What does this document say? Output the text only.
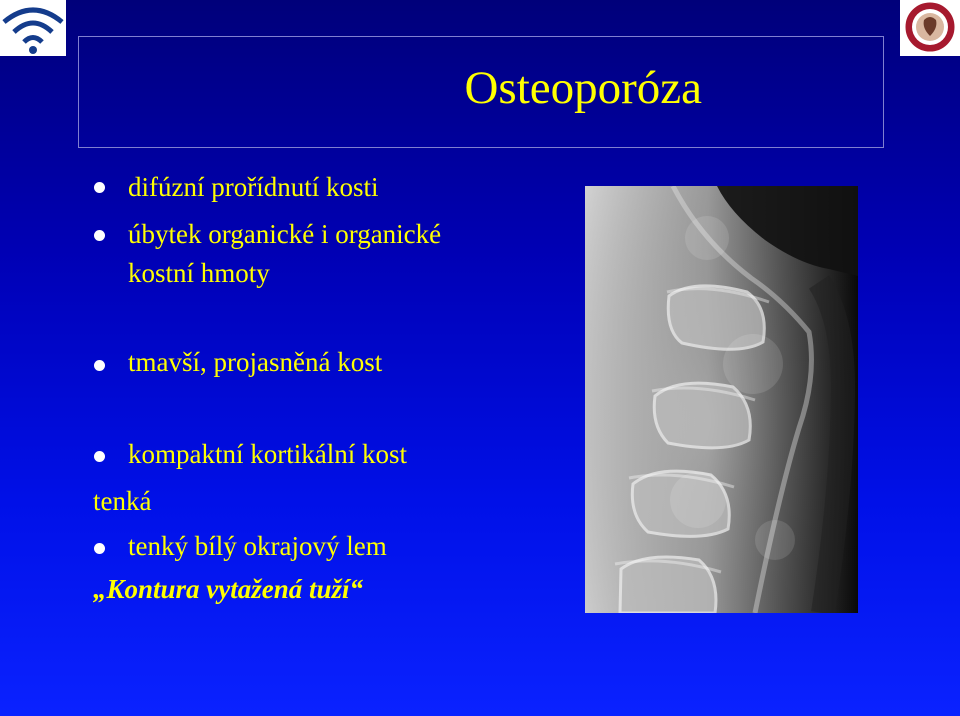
Osteoporóza
difúzní prořídnutí kosti
úbytek organické i organické
kostní hmoty
tmavší, projasněná kost
kompaktní kortikální kost
tenká
tenký bílý okrajový lem
„Kontura vytažená tuží“
